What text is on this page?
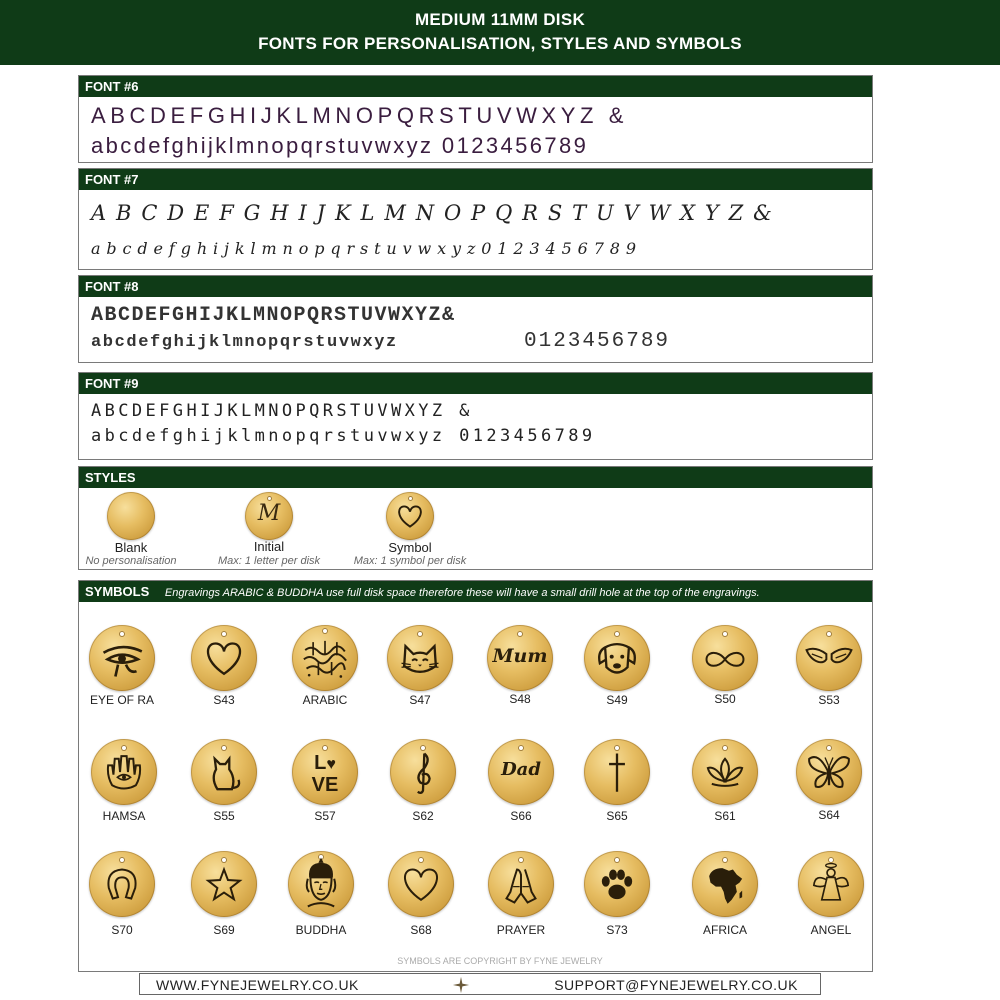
MEDIUM 11MM DISK
FONTS FOR PERSONALISATION, STYLES AND SYMBOLS
FONT #6
ABCDEFGHIJKLMNOPQRSTUVWXYZ &
abcdefghijklmnopqrstuvwxyz 0123456789
FONT #7
A B C D E F G H I J K L M N O P Q R S T U V W X Y Z &
a b c d e f g h i j k l m n o p q r s t u v w x y z 0 1 2 3 4 5 6 7 8 9
FONT #8
ABCDEFGHIJKLMNOPQRSTUVWXYZ&
abcdefghijklmnopqrstuvwxyz	0123456789
FONT #9
ABCDEFGHIJKLMNOPQRSTUVWXYZ &
abcdefghijklmnopqrstuvwxyz 0123456789
STYLES
Blank
No personalisation
M
Initial
Max: 1 letter per disk
Symbol
Max: 1 symbol per disk
SYMBOLS Engravings ARABIC & BUDDHA use full disk space therefore these will have a small drill hole at the top of the engravings.
EYE OF RA	S43	ARABIC	S47
Mum
S48	S49	S50	S53
HAMSA	S55
L♥
VE
S57	S62
Dad
S66	S65	S61	S64
S70	S69	BUDDHA	S68	PRAYER	S73	AFRICA	ANGEL
SYMBOLS ARE COPYRIGHT BY FYNE JEWELRY
WWW.FYNEJEWELRY.CO.UK	SUPPORT@FYNEJEWELRY.CO.UK
